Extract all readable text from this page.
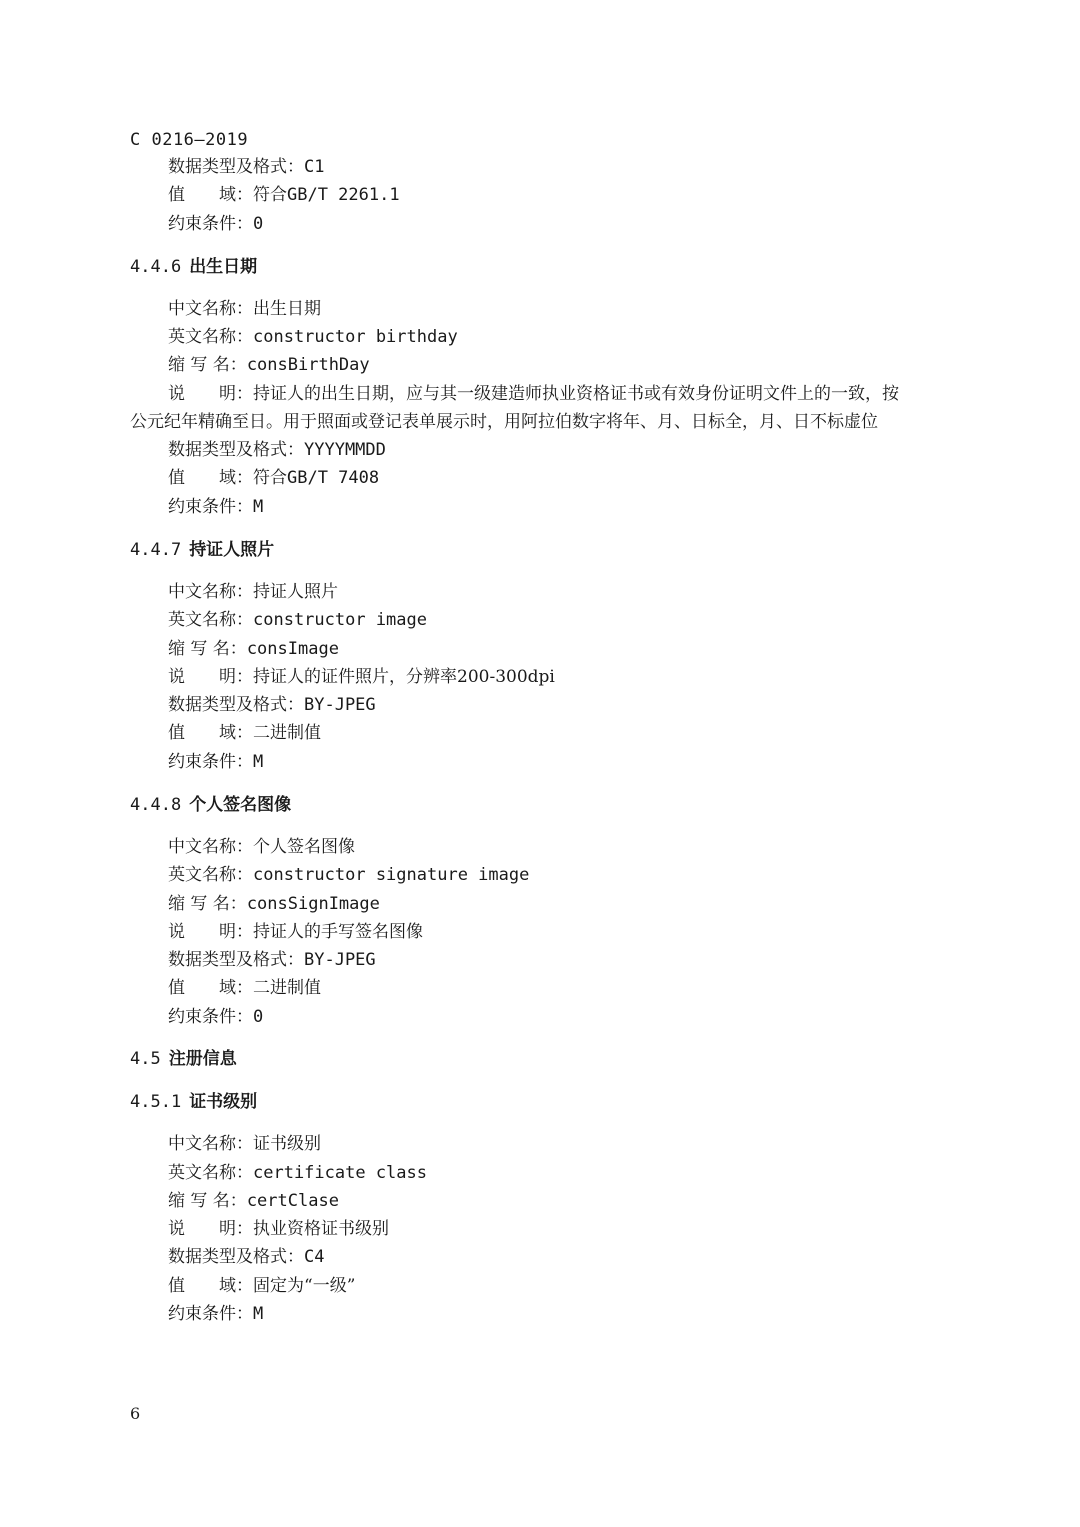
C 0216—2019
数据类型及格式：C1
值　　域：符合GB/T 2261.1
约束条件：0
4.4.6 出生日期
中文名称：出生日期
英文名称：constructor birthday
缩 写 名：consBirthDay
说　　明：持证人的出生日期，应与其一级建造师执业资格证书或有效身份证明文件上的一致，按
公元纪年精确至日。用于照面或登记表单展示时，用阿拉伯数字将年、月、日标全，月、日不标虚位
数据类型及格式：YYYYMMDD
值　　域：符合GB/T 7408
约束条件：M
4.4.7 持证人照片
中文名称：持证人照片
英文名称：constructor image
缩 写 名：consImage
说　　明：持证人的证件照片，分辨率200-300dpi
数据类型及格式：BY-JPEG
值　　域：二进制值
约束条件：M
4.4.8 个人签名图像
中文名称：个人签名图像
英文名称：constructor signature image
缩 写 名：consSignImage
说　　明：持证人的手写签名图像
数据类型及格式：BY-JPEG
值　　域：二进制值
约束条件：0
4.5 注册信息
4.5.1 证书级别
中文名称：证书级别
英文名称：certificate class
缩 写 名：certClase
说　　明：执业资格证书级别
数据类型及格式：C4
值　　域：固定为“一级”
约束条件：M
6
